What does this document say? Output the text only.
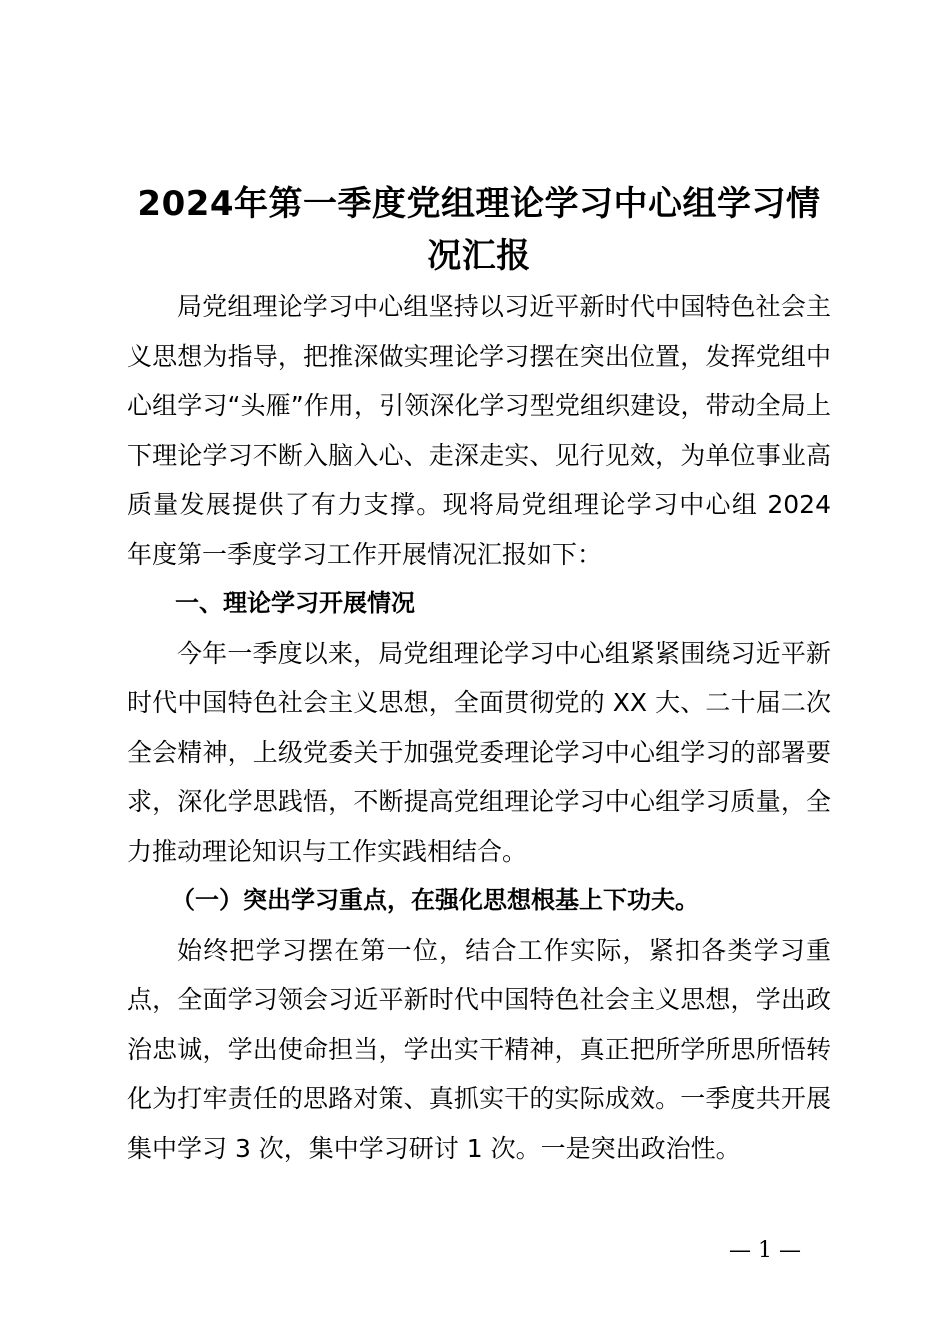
2024年第一季度党组理论学习中心组学习情况汇报

局党组理论学习中心组坚持以习近平新时代中国特色社会主义思想为指导，把推深做实理论学习摆在突出位置，发挥党组中心组学习“头雁”作用，引领深化学习型党组织建设，带动全局上下理论学习不断入脑入心、走深走实、见行见效，为单位事业高质量发展提供了有力支撑。现将局党组理论学习中心组 2024 年度第一季度学习工作开展情况汇报如下：

一、理论学习开展情况

今年一季度以来，局党组理论学习中心组紧紧围绕习近平新时代中国特色社会主义思想，全面贯彻党的 XX 大、二十届二次全会精神，上级党委关于加强党委理论学习中心组学习的部署要求，深化学思践悟，不断提高党组理论学习中心组学习质量，全力推动理论知识与工作实践相结合。

（一）突出学习重点，在强化思想根基上下功夫。

始终把学习摆在第一位，结合工作实际，紧扣各类学习重点，全面学习领会习近平新时代中国特色社会主义思想，学出政治忠诚，学出使命担当，学出实干精神，真正把所学所思所悟转化为打牢责任的思路对策、真抓实干的实际成效。一季度共开展集中学习 3 次，集中学习研讨 1 次。一是突出政治性。

— 1 —
